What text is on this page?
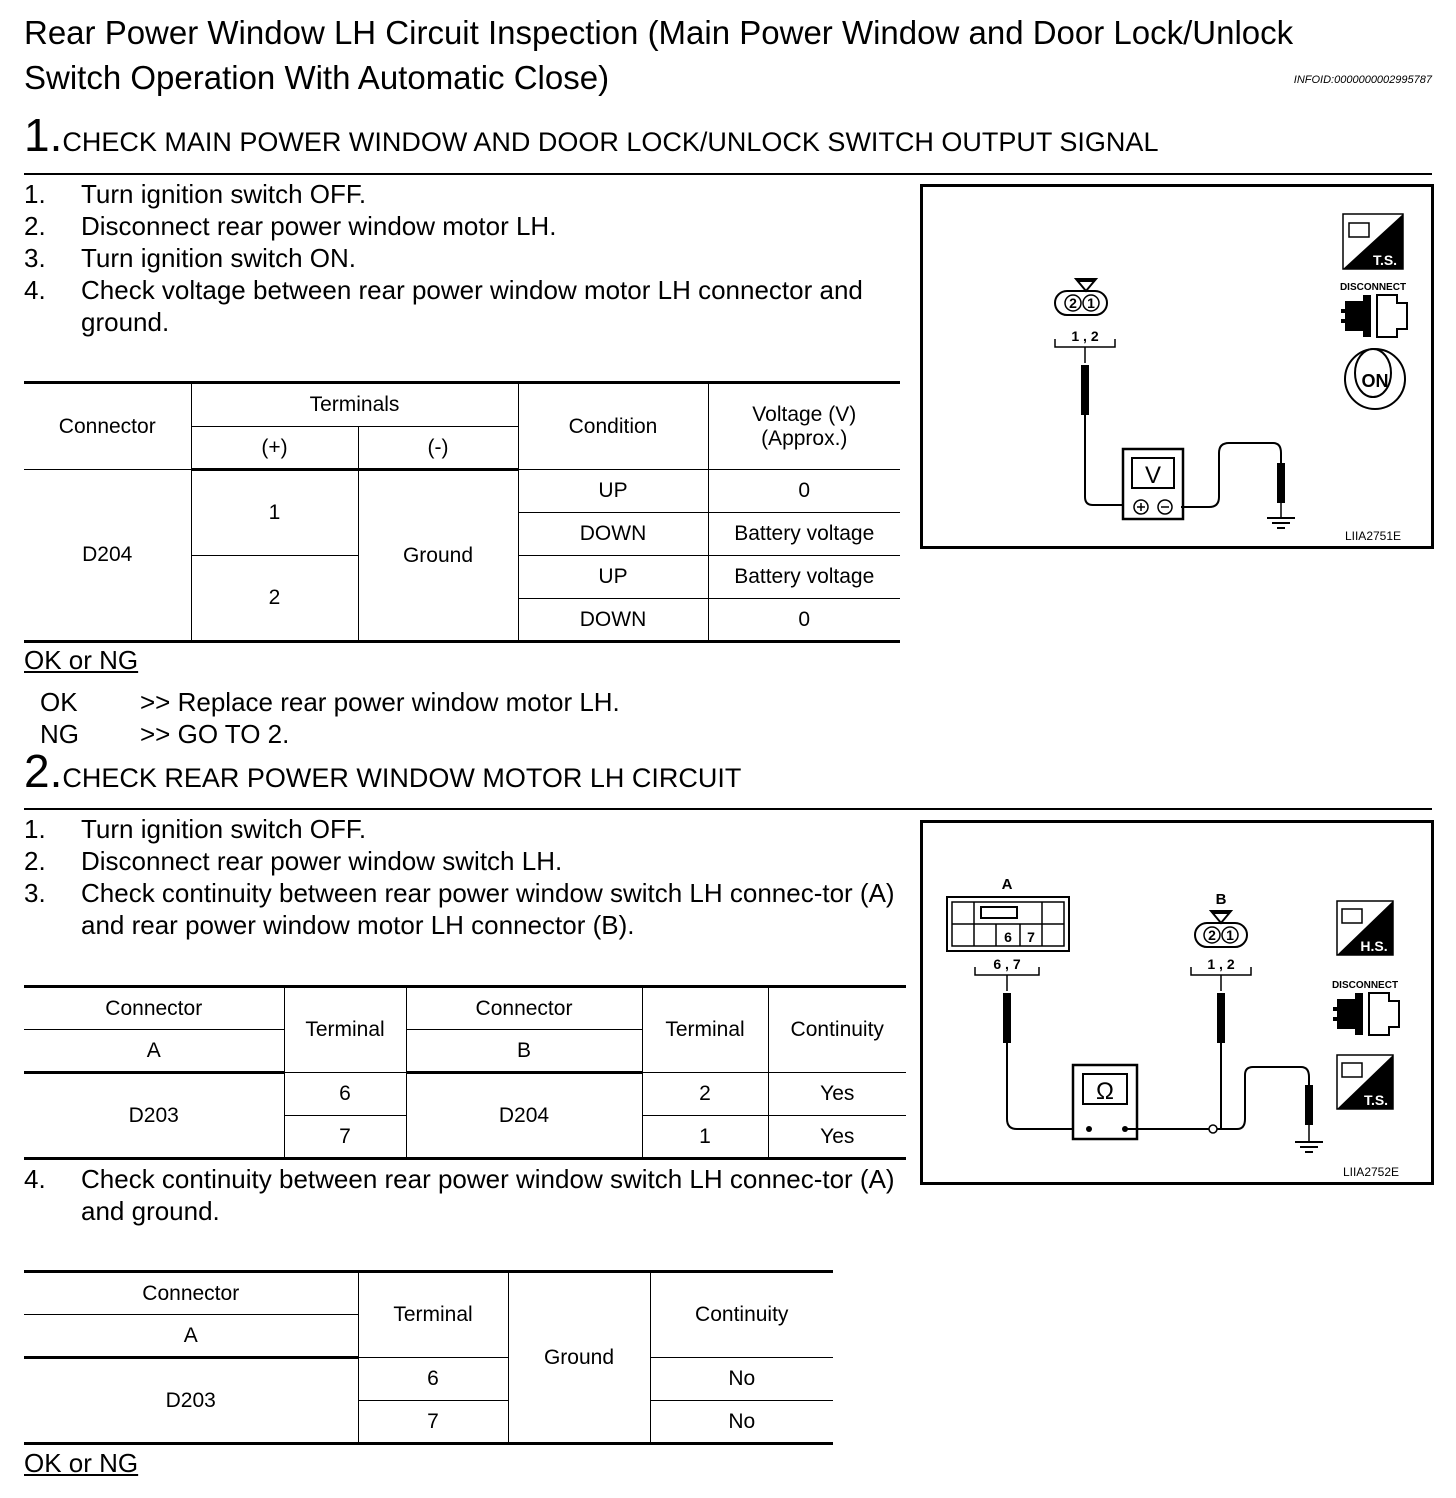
Rear Power Window LH Circuit Inspection (Main Power Window and Door Lock/Unlock
Switch Operation With Automatic Close)	INFOID:0000000002995787
1.CHECK MAIN POWER WINDOW AND DOOR LOCK/UNLOCK SWITCH OUTPUT SIGNAL
1. Turn ignition switch OFF.
2. Disconnect rear power window motor LH.
3. Turn ignition switch ON.
4. Check voltage between rear power window motor LH connector and ground.
Connector	Terminals		Condition	Voltage (V)
(Approx.)
	(+)	(-)		
D204	1	Ground	UP	0
			DOWN	Battery voltage
	2		UP	Battery voltage
			DOWN	0
OK or NG
OK >> Replace rear power window motor LH.
NG >> GO TO 2.
2 1
1 , 2
V
T.S.
DISCONNECT
ON
LIIA2751E
2.CHECK REAR POWER WINDOW MOTOR LH CIRCUIT
1. Turn ignition switch OFF.
2. Disconnect rear power window switch LH.
3. Check continuity between rear power window switch LH connec-tor (A) and rear power window motor LH connector (B).
Connector	Terminal	Connector	Terminal	Continuity
A		B		
D203	6	D204	2	Yes
	7		1	Yes
4. Check continuity between rear power window switch LH connec-tor (A) and ground.
Connector	Terminal	Ground	Continuity
A			
D203	6		No
	7		No
OK or NG
A
6 7
6 , 7
B
2 1
1 , 2
Ω
H.S.
DISCONNECT
T.S.
LIIA2752E
